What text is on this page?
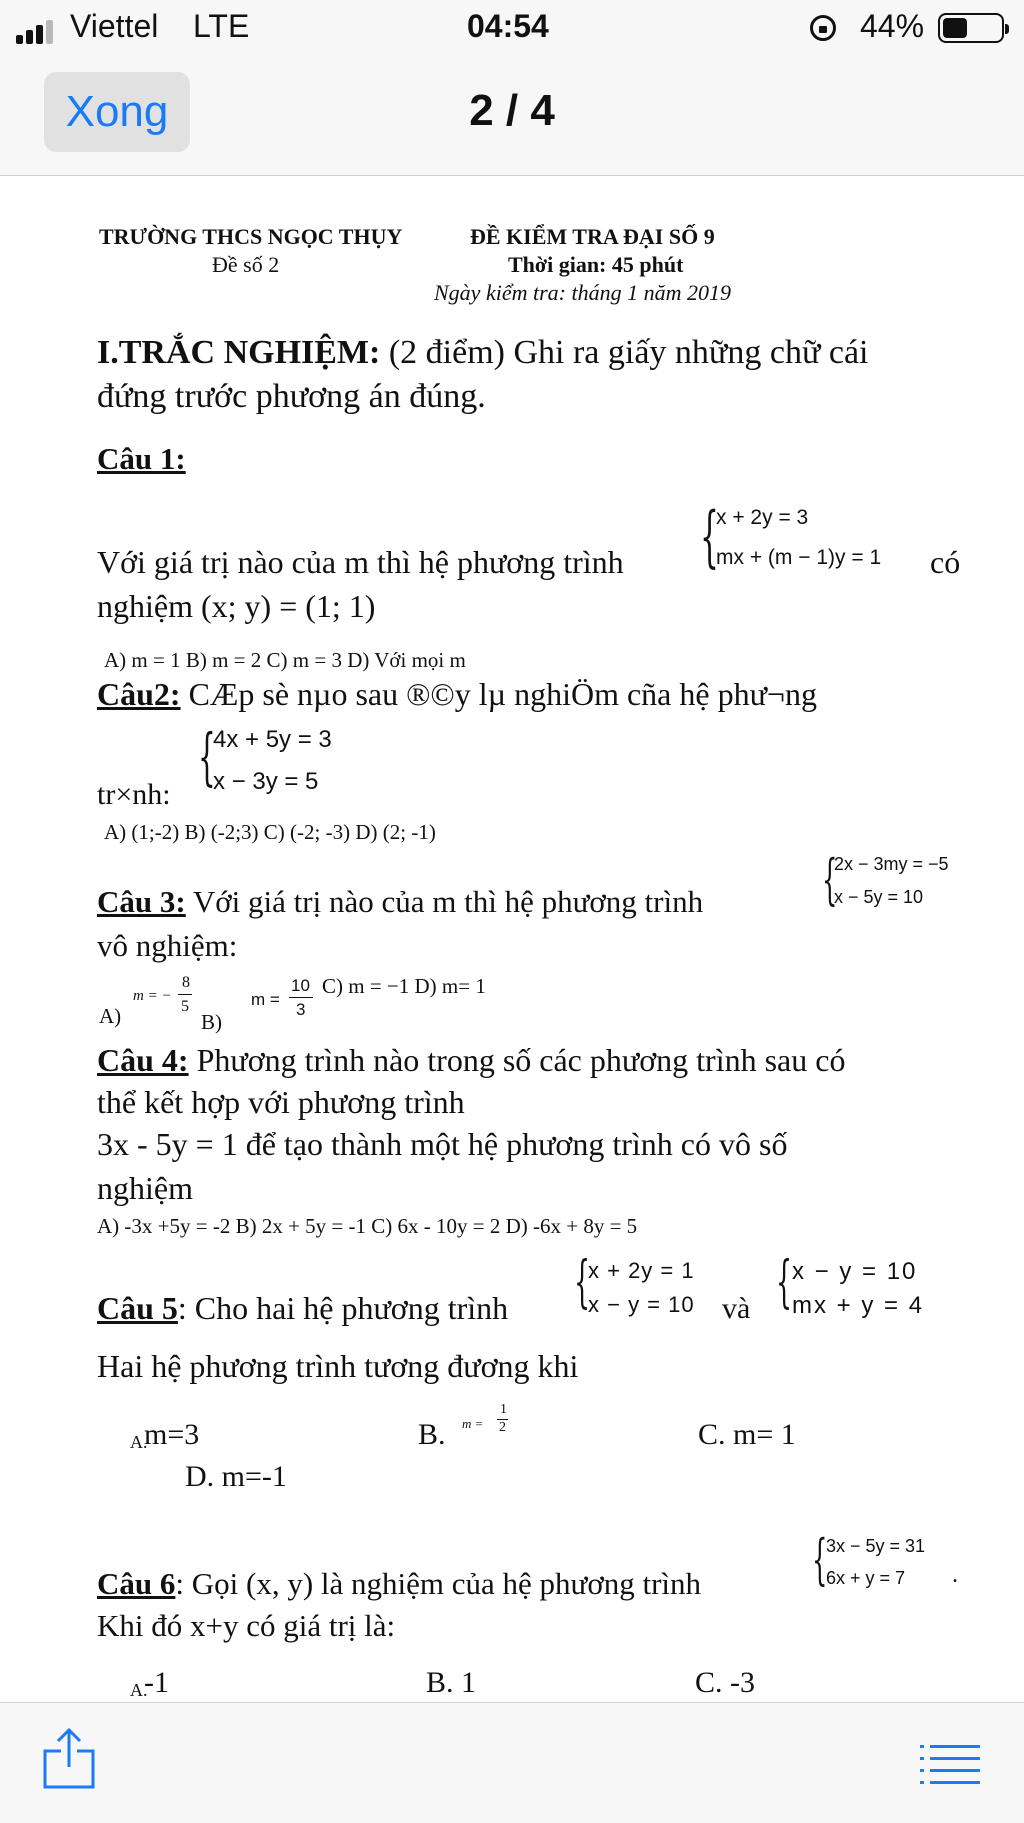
Viettel LTE	04:54	44%
Xong	2 / 4
TRƯỜNG THCS NGỌC THỤY	ĐỀ KIỂM TRA ĐẠI SỐ 9
Đề số 2	Thời gian: 45 phút
Ngày kiểm tra: tháng 1 năm 2019
I.TRẮC NGHIỆM: (2 điểm) Ghi ra giấy những chữ cái
đứng trước phương án đúng.
Câu 1:
{
x + 2y = 3
mx + (m − 1)y = 1
Với giá trị nào của m thì hệ phương trình	có
nghiệm (x; y) = (1; 1)
A) m = 1 B) m = 2 C) m = 3 D) Với mọi m
Câu2: CÆp sè nµo sau ®©y lµ nghiÖm cña hệ phư¬ng
{
4x + 5y = 3
x − 3y = 5
tr×nh:
A) (1;-2) B) (-2;3) C) (-2; -3) D) (2; -1)
{
2x − 3my = −5
x − 5y = 10
Câu 3: Với giá trị nào của m thì hệ phương trình
vô nghiệm:
A)
m = −
8
5
B)
m =
10
3
C) m = −1 D) m= 1
Câu 4: Phương trình nào trong số các phương trình sau có
thể kết hợp với phương trình
3x - 5y = 1 để tạo thành một hệ phương trình có vô số
nghiệm
A) -3x +5y = -2 B) 2x + 5y = -1 C) 6x - 10y = 2 D) -6x + 8y = 5
{
x + 2y = 1
x − y = 10 và { x − y = 10
mx + y = 4
Câu 5: Cho hai hệ phương trình
Hai hệ phương trình tương đương khi
A.
m=3	B. m =
1
2	C. m= 1
D. m=-1
{
3x − 5y = 31
6x + y = 7 .
Câu 6: Gọi (x, y) là nghiệm của hệ phương trình
Khi đó x+y có giá trị là:
A.
-1	B. 1	C. -3
